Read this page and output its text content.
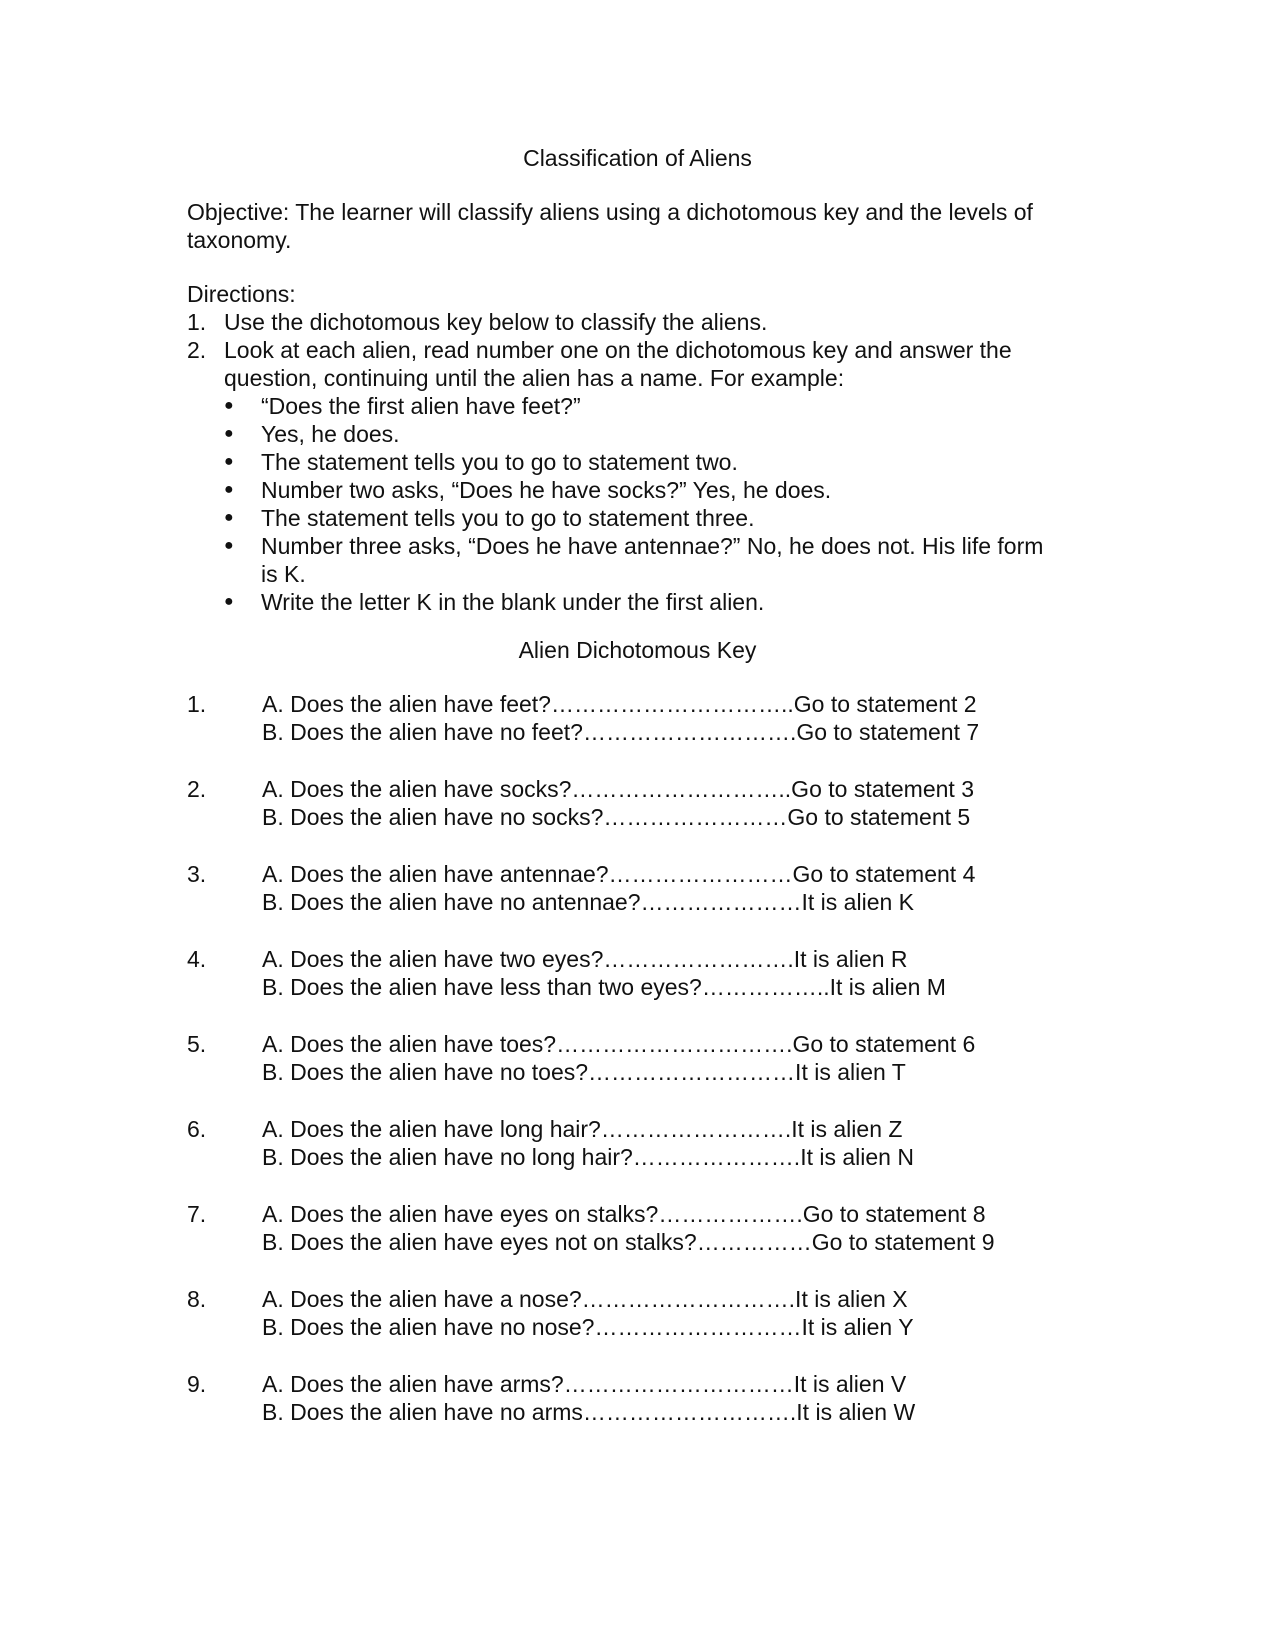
Classification of Aliens
Objective: The learner will classify aliens using a dichotomous key and the levels of taxonomy.
Directions:
1. Use the dichotomous key below to classify the aliens.
2. Look at each alien, read number one on the dichotomous key and answer the question, continuing until the alien has a name. For example:
●	“Does the first alien have feet?”
●	Yes, he does.
●	The statement tells you to go to statement two.
●	Number two asks, “Does he have socks?” Yes, he does.
●	The statement tells you to go to statement three.
●	Number three asks, “Does he have antennae?” No, he does not. His life form is K.
●	Write the letter K in the blank under the first alien.
Alien Dichotomous Key
1.	A. Does the alien have feet?…………………………..Go to statement 2
B. Does the alien have no feet?……………………….Go to statement 7
2.	A. Does the alien have socks?………………………..Go to statement 3
B. Does the alien have no socks?……………………Go to statement 5
3.	A. Does the alien have antennae?……………………Go to statement 4
B. Does the alien have no antennae?…………………It is alien K
4.	A. Does the alien have two eyes?…………………….It is alien R
B. Does the alien have less than two eyes?……………..It is alien M
5.	A. Does the alien have toes?………………………….Go to statement 6
B. Does the alien have no toes?………………………It is alien T
6.	A. Does the alien have long hair?…………………….It is alien Z
B. Does the alien have no long hair?………………….It is alien N
7.	A. Does the alien have eyes on stalks?……………….Go to statement 8
B. Does the alien have eyes not on stalks?……………Go to statement 9
8.	A. Does the alien have a nose?……………………….It is alien X
B. Does the alien have no nose?………………………It is alien Y
9.	A. Does the alien have arms?…………………………It is alien V
B. Does the alien have no arms……………………….It is alien W
